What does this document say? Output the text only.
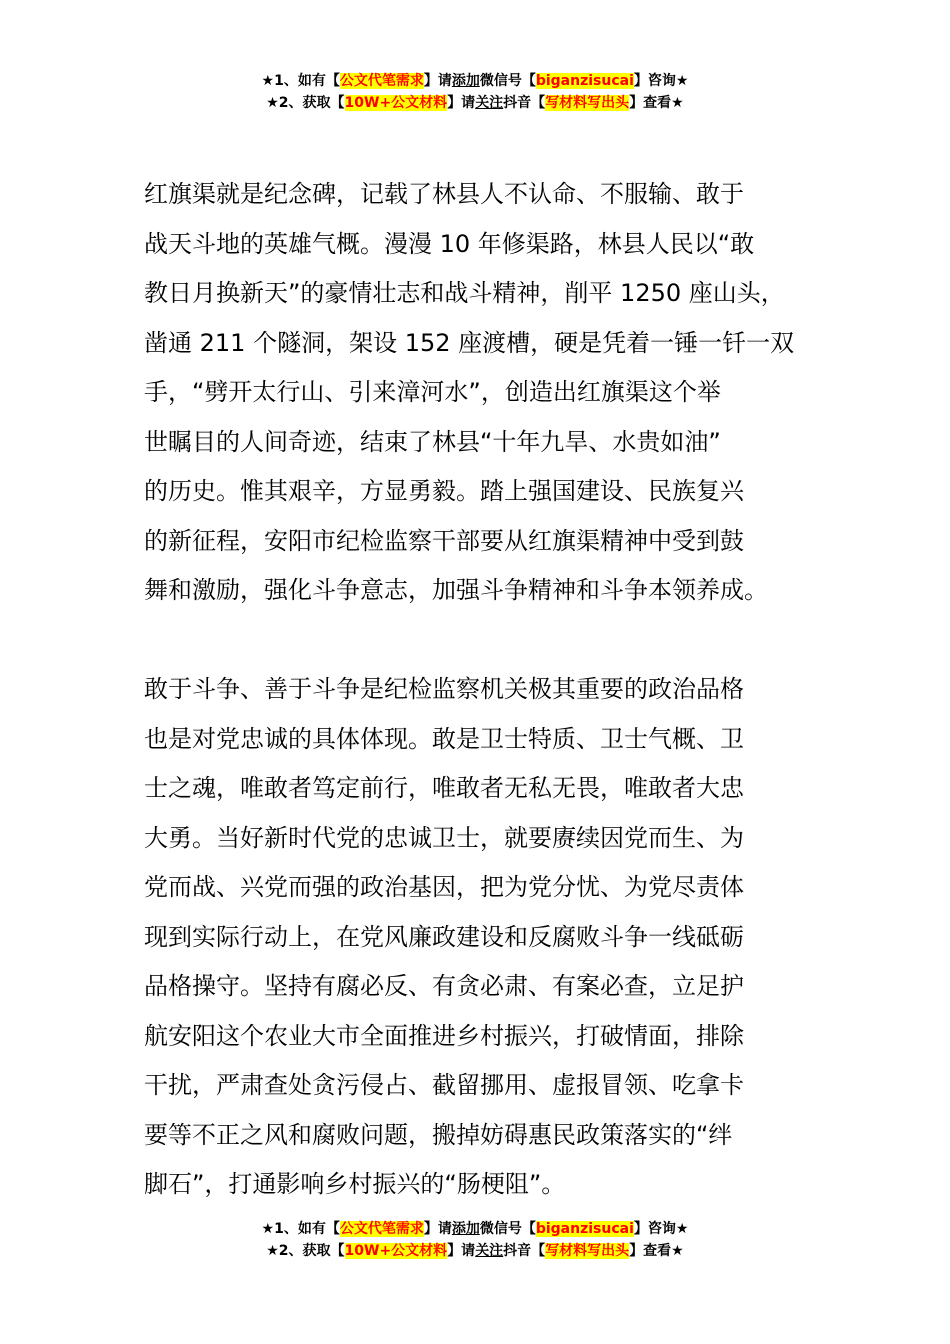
★1、如有【公文代笔需求】请添加微信号【biganzisucai】咨询★
★2、获取【10W+公文材料】请关注抖音【写材料写出头】查看★

红旗渠就是纪念碑，记载了林县人不认命、不服输、敢于
战天斗地的英雄气概。漫漫 10 年修渠路，林县人民以“敢
教日月换新天”的豪情壮志和战斗精神，削平 1250 座山头，
凿通 211 个隧洞，架设 152 座渡槽，硬是凭着一锤一钎一双
手，“劈开太行山、引来漳河水”，创造出红旗渠这个举
世瞩目的人间奇迹，结束了林县“十年九旱、水贵如油”
的历史。惟其艰辛，方显勇毅。踏上强国建设、民族复兴
的新征程，安阳市纪检监察干部要从红旗渠精神中受到鼓
舞和激励，强化斗争意志，加强斗争精神和斗争本领养成。

敢于斗争、善于斗争是纪检监察机关极其重要的政治品格
也是对党忠诚的具体体现。敢是卫士特质、卫士气概、卫
士之魂，唯敢者笃定前行，唯敢者无私无畏，唯敢者大忠
大勇。当好新时代党的忠诚卫士，就要赓续因党而生、为
党而战、兴党而强的政治基因，把为党分忧、为党尽责体
现到实际行动上，在党风廉政建设和反腐败斗争一线砥砺
品格操守。坚持有腐必反、有贪必肃、有案必查，立足护
航安阳这个农业大市全面推进乡村振兴，打破情面，排除
干扰，严肃查处贪污侵占、截留挪用、虚报冒领、吃拿卡
要等不正之风和腐败问题，搬掉妨碍惠民政策落实的“绊
脚石”，打通影响乡村振兴的“肠梗阻”。

★1、如有【公文代笔需求】请添加微信号【biganzisucai】咨询★
★2、获取【10W+公文材料】请关注抖音【写材料写出头】查看★
